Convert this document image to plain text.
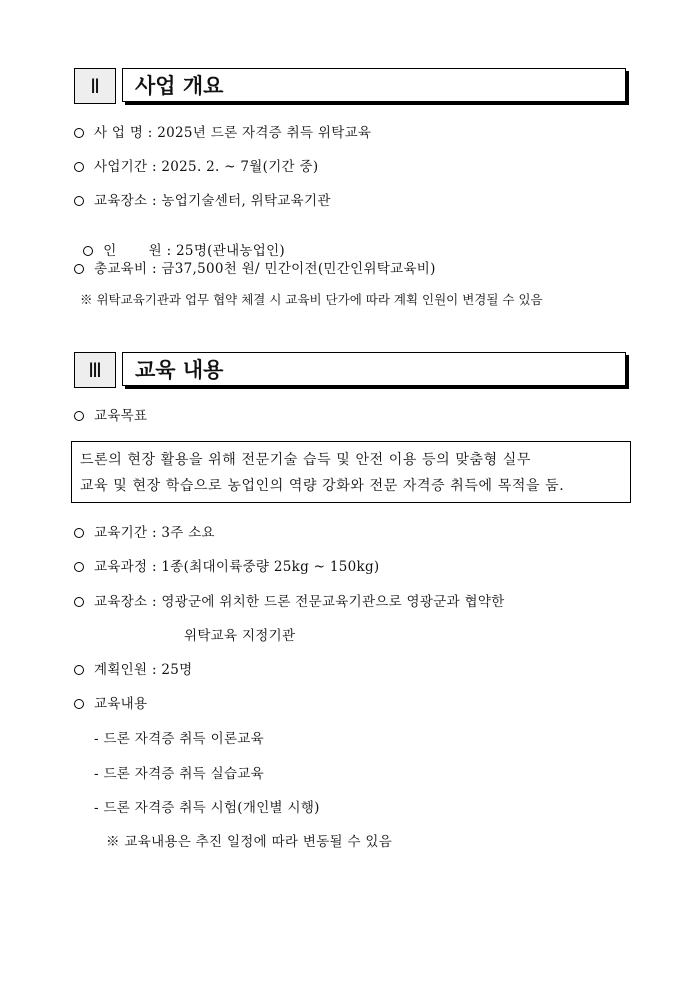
Ⅱ	사업 개요
사 업 명 : 2025년 드론 자격증 취득 위탁교육
사업기간 : 2025. 2. ~ 7월(기간 중)
교육장소 : 농업기술센터, 위탁교육기관

인       원 : 25명(관내농업인)

총교육비 : 금37,500천 원/ 민간이전(민간인위탁교육비)
※ 위탁교육기관과 업무 협약 체결 시 교육비 단가에 따라 계획 인원이 변경될 수 있음
Ⅲ	교육 내용
교육목표
드론의 현장 활용을 위해 전문기술 습득 및 안전 이용 등의 맞춤형 실무
교육 및 현장 학습으로 농업인의 역량 강화와 전문 자격증 취득에 목적을 둠.
교육기간 : 3주 소요
교육과정 : 1종(최대이륙중량 25kg ~ 150kg)
교육장소 : 영광군에 위치한 드론 전문교육기관으로 영광군과 협약한
위탁교육 지정기관
계획인원 : 25명
교육내용
- 드론 자격증 취득 이론교육
- 드론 자격증 취득 실습교육
- 드론 자격증 취득 시험(개인별 시행)
※ 교육내용은 추진 일정에 따라 변동될 수 있음
